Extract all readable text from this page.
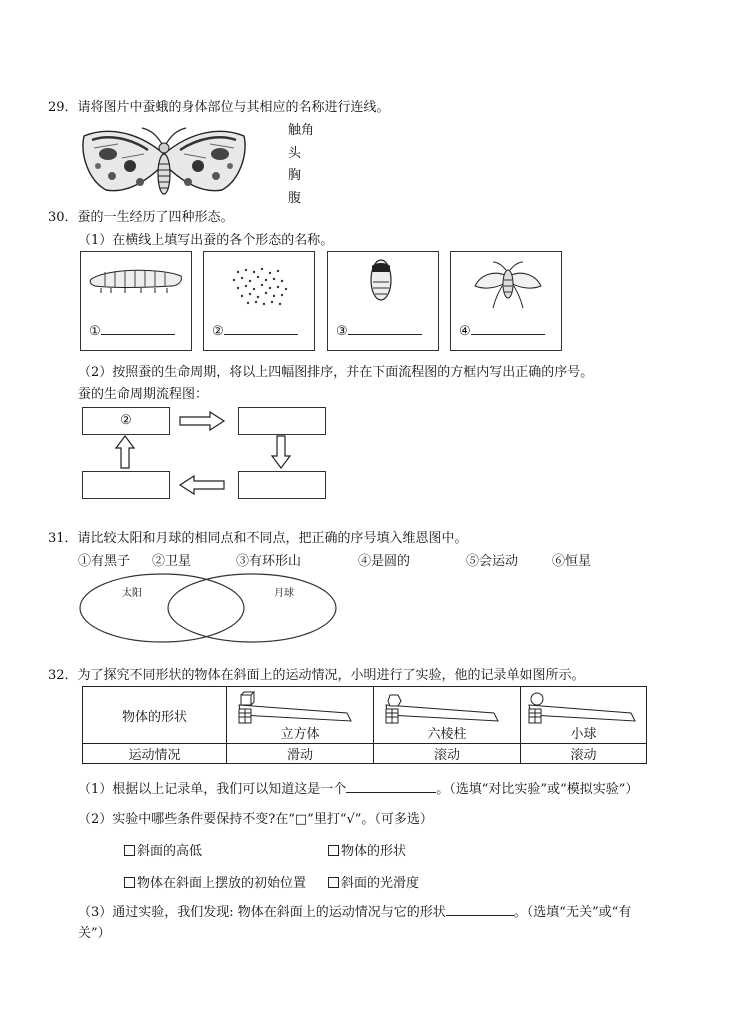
29．请将图片中蚕蛾的身体部位与其相应的名称进行连线。
触角
头
胸
腹
30．蚕的一生经历了四种形态。
（1）在横线上填写出蚕的各个形态的名称。
①	②	③	④
（2）按照蚕的生命周期，将以上四幅图排序，并在下面流程图的方框内写出正确的序号。
蚕的生命周期流程图：
②
31．请比较太阳和月球的相同点和不同点，把正确的序号填入维恩图中。
①有黑子 ②卫星	③有环形山	④是圆的	⑤会运动	⑥恒星
太阳	月球
32．为了探究不同形状的物体在斜面上的运动情况，小明进行了实验，他的记录单如图所示。
物体的形状	立方体	六棱柱	小球

运动情况	滑动	滚动	滚动
（1）根据以上记录单，我们可以知道这是一个	。（选填“对比实验”或“模拟实验”）
（2）实验中哪些条件要保持不变?在“□”里打“√”。（可多选）
斜面的高低	物体的形状
物体在斜面上摆放的初始位置	斜面的光滑度
（3）通过实验，我们发现: 物体在斜面上的运动情况与它的形状	。（选填“无关”或“有
关”）
